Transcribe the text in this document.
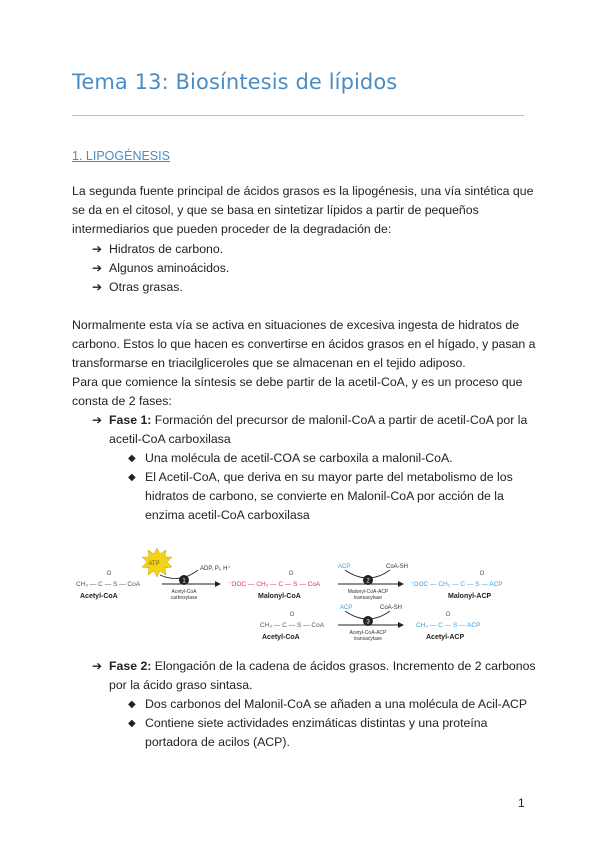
Tema 13: Biosíntesis de lípidos
1. LIPOGÉNESIS

La segunda fuente principal de ácidos grasos es la lipogénesis, una vía sintética que

se da en el citosol, y que se basa en sintetizar lípidos a partir de pequeños

intermediarios que pueden proceder de la degradación de:

➔ Hidratos de carbono.

➔ Algunos aminoácidos.

➔ Otras grasas.

Normalmente esta vía se activa en situaciones de excesiva ingesta de hidratos de

carbono. Estos lo que hacen es convertirse en ácidos grasos en el hígado, y pasan a

transformarse en triacilgliceroles que se almacenan en el tejido adiposo.

Para que comience la síntesis se debe partir de la acetil-CoA, y es un proceso que

consta de 2 fases:

➔ Fase 1: Formación del precursor de malonil-CoA a partir de acetil-CoA por la

acetil-CoA carboxilasa

◆ Una molécula de acetil-COA se carboxila a malonil-CoA.

◆ El Acetil-CoA, que deriva en su mayor parte del metabolismo de los

hidratos de carbono, se convierte en Malonil-CoA por acción de la

enzima acetil-CoA carboxilasa

ATP
O
CH₃ — C — S — CoA
Acetyl-CoA
ADP, Pᵢ, H⁺
1
Acetyl-CoA
carboxylase
O
⁻OOC — CH₂ — C — S — CoA
Malonyl-CoA
ACP	CoA-SH
2
Malonyl-CoA-ACP
transacylase
O
⁻OOC — CH₂ — C — S — ACP
Malonyl-ACP
O
CH₃ — C — S — CoA
Acetyl-CoA
ACP	CoA-SH
3
Acetyl-CoA-ACP
transacylase
O
CH₃ — C — S — ACP
Acetyl-ACP
➔ Fase 2: Elongación de la cadena de ácidos grasos. Incremento de 2 carbonos

por la ácido graso sintasa.

◆ Dos carbonos del Malonil-CoA se añaden a una molécula de Acil-ACP

◆ Contiene siete actividades enzimáticas distintas y una proteína

portadora de acilos (ACP).

1
